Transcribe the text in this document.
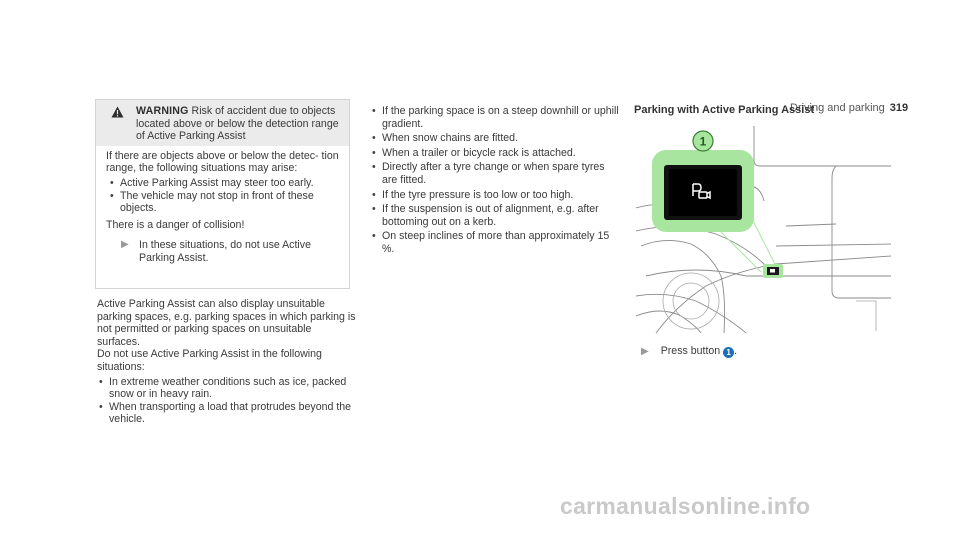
Driving and parking 319
WARNING Risk of accident due to objects located above or below the detection range of Active Parking Assist

If there are objects above or below the detec- tion range, the following situations may arise:

• Active Parking Assist may steer too early.
• The vehicle may not stop in front of these objects.

There is a danger of collision!

▶ In these situations, do not use Active Parking Assist.

Active Parking Assist can also display unsuitable parking spaces, e.g. parking spaces in which parking is not permitted or parking spaces on unsuitable surfaces.

Do not use Active Parking Assist in the following situations:

• In extreme weather conditions such as ice, packed snow or in heavy rain.
• When transporting a load that protrudes beyond the vehicle.
• If the parking space is on a steep downhill or uphill gradient.
• When snow chains are fitted.
• When a trailer or bicycle rack is attached.
• Directly after a tyre change or when spare tyres are fitted.
• If the tyre pressure is too low or too high.
• If the suspension is out of alignment, e.g. after bottoming out on a kerb.
• On steep inclines of more than approximately 15 %.
Parking with Active Parking Assist
1
▶ Press button 1 .
carmanualsonline.info
